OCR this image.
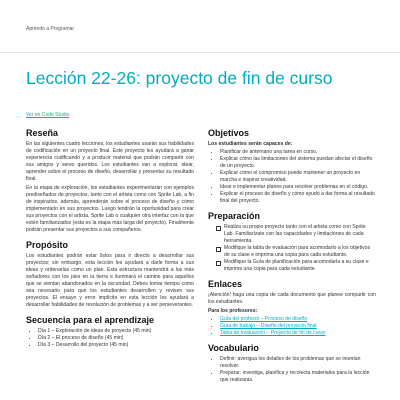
Aprendo a Programar
Lección 22-26: proyecto de fin de curso
Ver en Code Studio
Reseña

En las siguientes cuatro lecciones, los estudiantes usarán sus habilidades de codificación en un proyecto final. Este proyecto les ayudará a ganar experiencia codificando y a producir material que podrán compartir con sus amigos y seres queridos. Los estudiantes van a explorar, idear, aprender sobre el proceso de diseño, desarrollar y presentar su resultado final.

En la etapa de exploración, los estudiantes experimentarán con ejemplos prediseñados de proyectos, tanto con el artista como con Sprite Lab, a fin de inspirarlos. además, aprenderán sobre el proceso de diseño y cómo implementarlo en sus proyectos. Luego tendrán la oportunidad para crear sus proyectos con el artista, Sprite Lab o cualquier otra interfaz con la que estén familiarizados (esta es la etapa más larga del proyecto). Finalmente podrán presentar sus proyectos a sus compañeros.

Propósito

Los estudiantes podrán estar listos para ir directo a desarrollar sus proyectos; sin embargo, esta lección les ayudará a darle forma a sus ideas y ordenarlas como un plan. Esta estructura mantendrá a los más soñadores con los pies en la tierra e iluminará el camino para aquellos que se sientan abandonados en la oscuridad. Debes tomar tiempo como sea necesario para que los estudiantes desarrollen y revisen sus proyectos. El ensayo y error implícito en esta lección les ayudará a desarrollar habilidades de resolución de problemas y a ser perseverantes.

Secuencia para el aprendizaje
• Día 1 – Exploración de ideas de proyecto (45 min)
• Día 2 – El proceso de diseño (45 min)
• Día 3 – Desarrollo del proyecto (45 min)
Objetivos
Los estudiantes serán capaces de:
• Planificar de antemano una tarea en curso.
• Explicar cómo las limitaciones del sistema puedan afectar el diseño de un proyecto.
• Explicar cómo el compromiso puede mantener un proyecto en marcha e inspirar creatividad.
• Idear e implementar planes para resolver problemas en el código.
• Explicar el proceso de diseño y cómo ayudó a dar forma al resultado final del proyecto.
Preparación
Realiza su propio proyecto tanto con el artista como con Sprite Lab. Familiarízate con las capacidades y limitaciones de cada herramienta.
Modifique la tabla de evaluación para acomodarlo a los objetivos de su clase e imprima una copia para cada estudiante.
Modifique la Guía de planificación para acomodarla a su clase e imprima una copia para cada estudiante.
Enlaces

¡Atención! haga una copia de cada documento que planee compartir con los estudiantes.

Para los profesores:
• Guía del profesor – Proceso de diseño
• Guía de trabajo – Diseño del proyecto final
• Tabla de evaluación – Proyecto de fin de curso
Vocabulario
• Definir: averigua los detalles de los problemas que se intentan resolver.
• Preparar: investiga, planifica y recolecta materiales para la lección que realizarás.
